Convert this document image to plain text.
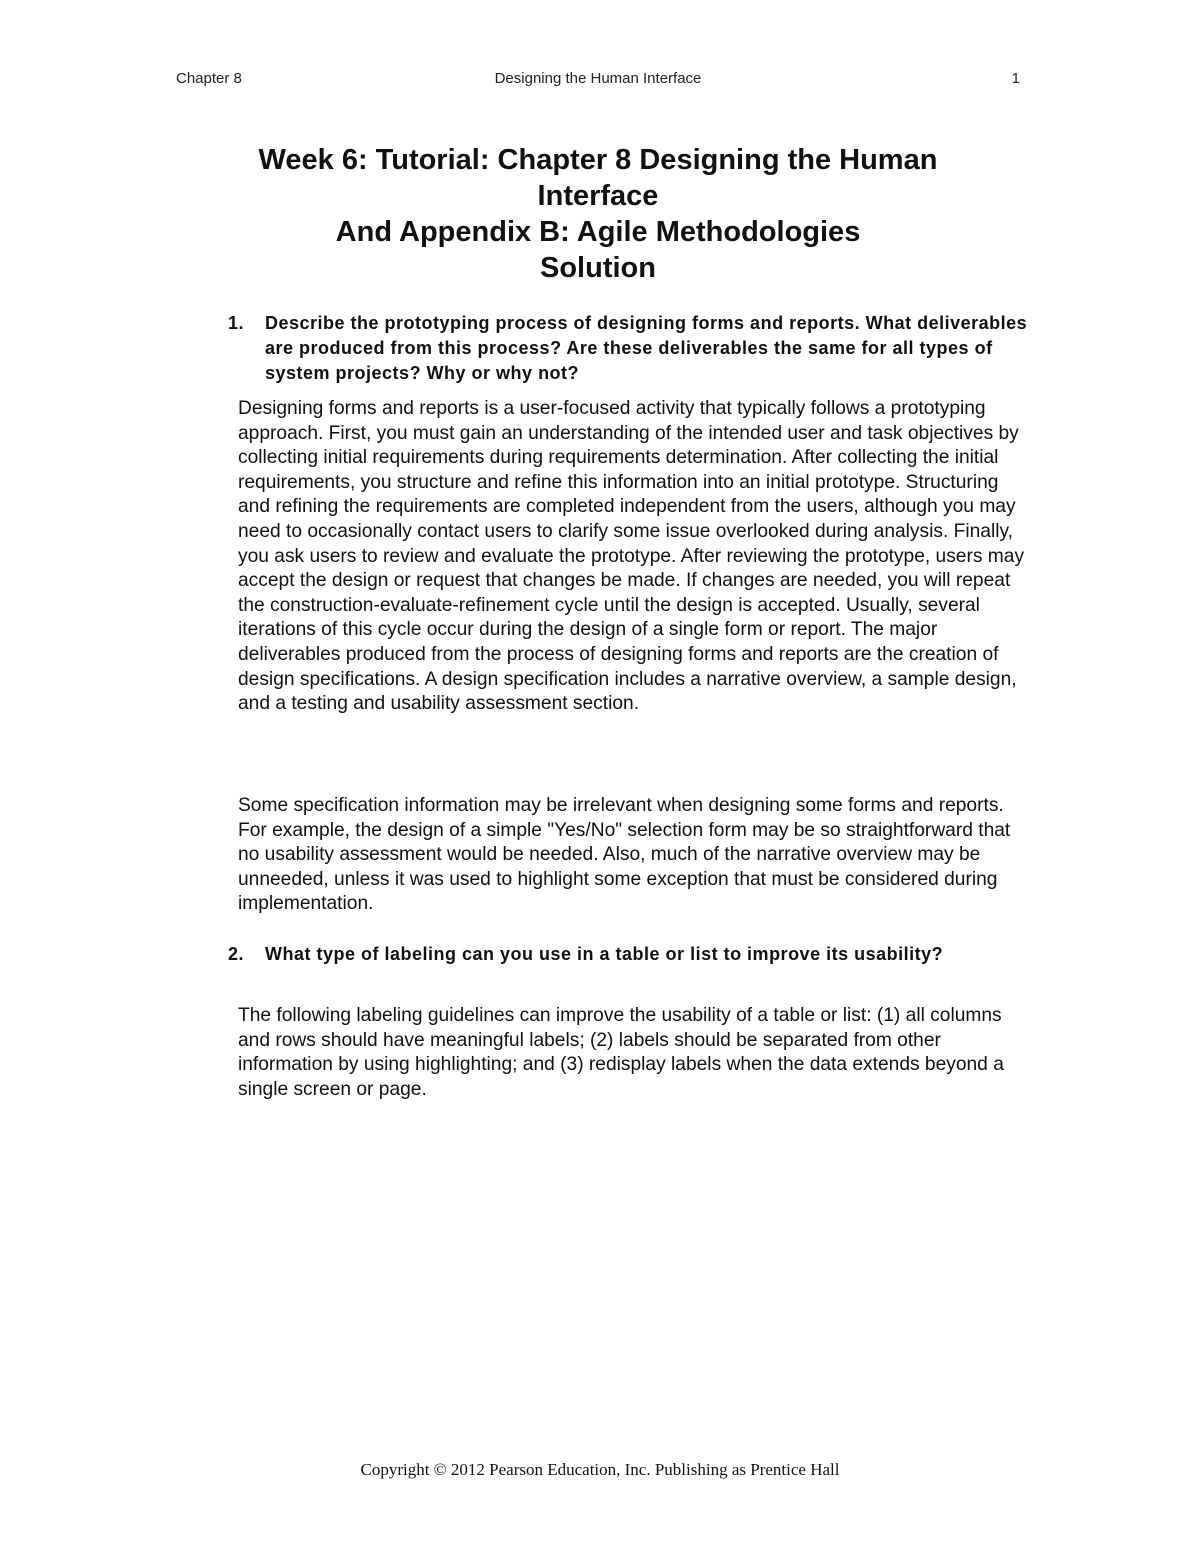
Chapter 8	Designing the Human Interface	1
Week 6: Tutorial: Chapter 8 Designing the Human
Interface
And Appendix B: Agile Methodologies
Solution
1.	Describe the prototyping process of designing forms and reports. What deliverables are produced from this process? Are these deliverables the same for all types of system projects? Why or why not?

Designing forms and reports is a user-focused activity that typically follows a prototyping approach. First, you must gain an understanding of the intended user and task objectives by collecting initial requirements during requirements determination. After collecting the initial requirements, you structure and refine this information into an initial prototype. Structuring and refining the requirements are completed independent from the users, although you may need to occasionally contact users to clarify some issue overlooked during analysis. Finally, you ask users to review and evaluate the prototype. After reviewing the prototype, users may accept the design or request that changes be made. If changes are needed, you will repeat the construction-evaluate-refinement cycle until the design is accepted. Usually, several iterations of this cycle occur during the design of a single form or report. The major deliverables produced from the process of designing forms and reports are the creation of design specifications. A design specification includes a narrative overview, a sample design, and a testing and usability assessment section.

Some specification information may be irrelevant when designing some forms and reports. For example, the design of a simple "Yes/No" selection form may be so straightforward that no usability assessment would be needed. Also, much of the narrative overview may be unneeded, unless it was used to highlight some exception that must be considered during implementation.

2.	What type of labeling can you use in a table or list to improve its usability?

The following labeling guidelines can improve the usability of a table or list: (1) all columns and rows should have meaningful labels; (2) labels should be separated from other information by using highlighting; and (3) redisplay labels when the data extends beyond a single screen or page.

Copyright © 2012 Pearson Education, Inc. Publishing as Prentice Hall
